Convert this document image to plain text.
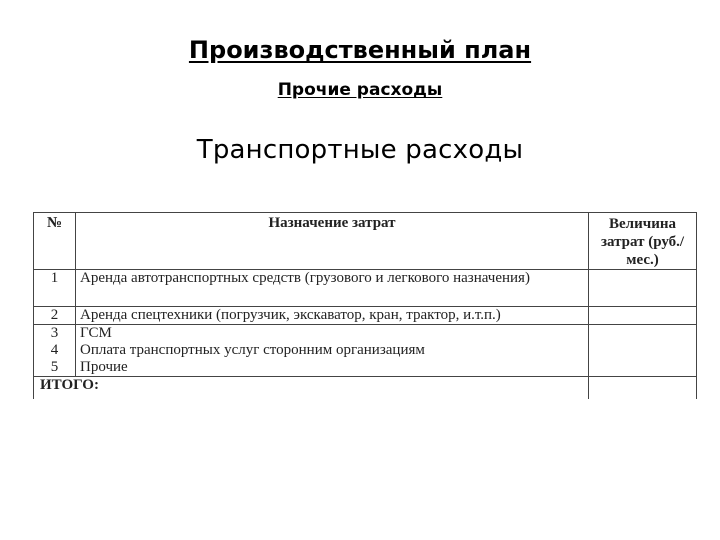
Производственный план
Прочие расходы
Транспортные расходы
№	Назначение затрат	Величина затрат (руб./мес.)
1	Аренда автотранспортных средств (грузового и легкового назначения)	
2	Аренда спецтехники (погрузчик, экскаватор, кран, трактор, и.т.п.)	
3	ГСМ	
4	Оплата транспортных услуг сторонним организациям	
5	Прочие	
ИТОГО:		
